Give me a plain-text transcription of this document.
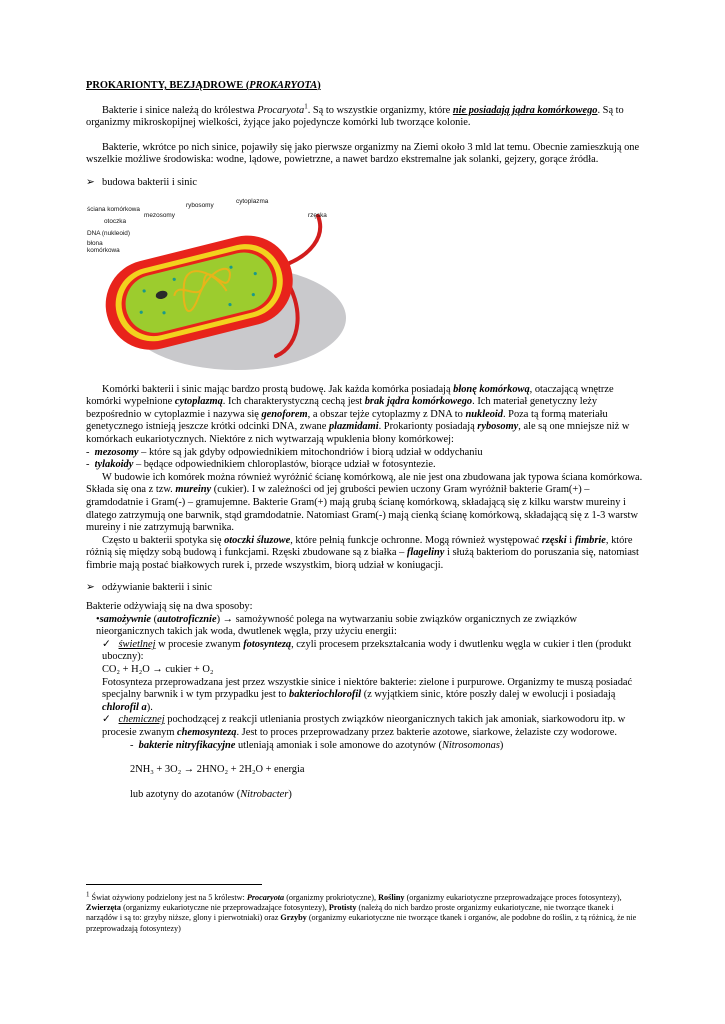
PROKARIONTY, BEZJĄDROWE (PROKARYOTA)

Bakterie i sinice należą do królestwa Procaryota$^1$. Są to wszystkie organizmy, które nie posiadają jądra komórkowego. Są to organizmy mikroskopijnej wielkości, żyjące jako pojedyncze komórki lub tworzące kolonie.

Bakterie, wkrótce po nich sinice, pojawiły się jako pierwsze organizmy na Ziemi około 3 mld lat temu. Obecnie zamieszkują one wszelkie możliwe środowiska: wodne, lądowe, powietrzne, a nawet bardzo ekstremalne jak solanki, gejzery, gorące źródła.

➢ budowa bakterii i sinic

ściana komórkowa
otoczka
mezosomy
rybosomy
cytoplazma
rzęska
DNA (nukleoid)
błona komórkowa

Komórki bakterii i sinic mając bardzo prostą budowę. Jak każda komórka posiadają błonę komórkową, otaczającą wnętrze komórki wypełnione cytoplazmą. Ich charakterystyczną cechą jest brak jądra komórkowego. Ich materiał genetyczny leży bezpośrednio w cytoplazmie i nazywa się genoforem, a obszar tejże cytoplazmy z DNA to nukleoid. Poza tą formą materiału genetycznego istnieją jeszcze krótki odcinki DNA, zwane plazmidami. Prokarionty posiadają rybosomy, ale są one mniejsze niż w komórkach eukariotycznych. Niektóre z nich wytwarzają wpuklenia błony komórkowej:

- mezosomy – które są jak gdyby odpowiednikiem mitochondriów i biorą udział w oddychaniu

- tylakoidy – będące odpowiednikiem chloroplastów, biorące udział w fotosyntezie.

W budowie ich komórek można również wyróżnić ścianę komórkową, ale nie jest ona zbudowana jak typowa ściana komórkowa. Składa się ona z tzw. mureiny (cukier). I w zależności od jej grubości pewien uczony Gram wyróżnił bakterie Gram(+) – gramdodatnie i Gram(-) – gramujemne. Bakterie Gram(+) mają grubą ścianę komórkową, składającą się z kilku warstw mureiny i dlatego zatrzymują one barwnik, stąd gramdodatnie. Natomiast Gram(-) mają cienką ścianę komórkową, składającą się z 1-3 warstw mureiny i nie zatrzymują barwnika.

Często u bakterii spotyka się otoczki śluzowe, które pełnią funkcje ochronne. Mogą również występować rzęski i fimbrie, które różnią się między sobą budową i funkcjami. Rzęski zbudowane są z białka – flageliny i służą bakteriom do poruszania się, natomiast fimbrie mają postać białkowych rurek i, przede wszystkim, biorą udział w koniugacji.

➢ odżywianie bakterii i sinic

Bakterie odżywiają się na dwa sposoby:

•samożywnie (autotroficznie) → samożywność polega na wytwarzaniu sobie związków organicznych ze związków nieorganicznych takich jak woda, dwutlenek węgla, przy użyciu energii:

✓ świetlnej w procesie zwanym fotosyntezą, czyli procesem przekształcania wody i dwutlenku węgla w cukier i tlen (produkt uboczny):

CO₂ + H₂O → cukier + O₂

Fotosynteza przeprowadzana jest przez wszystkie sinice i niektóre bakterie: zielone i purpurowe. Organizmy te muszą posiadać specjalny barwnik i w tym przypadku jest to bakteriochlorofil (z wyjątkiem sinic, które poszły dalej w ewolucji i posiadają chlorofil a).

✓ chemicznej pochodzącej z reakcji utleniania prostych związków nieorganicznych takich jak amoniak, siarkowodoru itp. w procesie zwanym chemosyntezą. Jest to proces przeprowadzany przez bakterie azotowe, siarkowe, żelaziste czy wodorowe.

- bakterie nitryfikacyjne utleniają amoniak i sole amonowe do azotynów (Nitrosomonas)

2NH₃ + 3O₂ → 2HNO₂ + 2H₂O + energia

lub azotyny do azotanów (Nitrobacter)

$^1$ Świat ożywiony podzielony jest na 5 królestw: Procaryota (organizmy prokriotyczne), Rośliny (organizmy eukariotyczne przeprowadzające proces fotosyntezy), Zwierzęta (organizmy eukariotyczne nie przeprowadzające fotosyntezy), Protisty (należą do nich bardzo proste organizmy eukariotyczne, nie tworzące tkanek i narządów i są to: grzyby niższe, glony i pierwotniaki) oraz Grzyby (organizmy eukariotyczne nie tworzące tkanek i organów, ale podobne do roślin, z tą różnicą, że nie przeprowadzają fotosyntezy)
